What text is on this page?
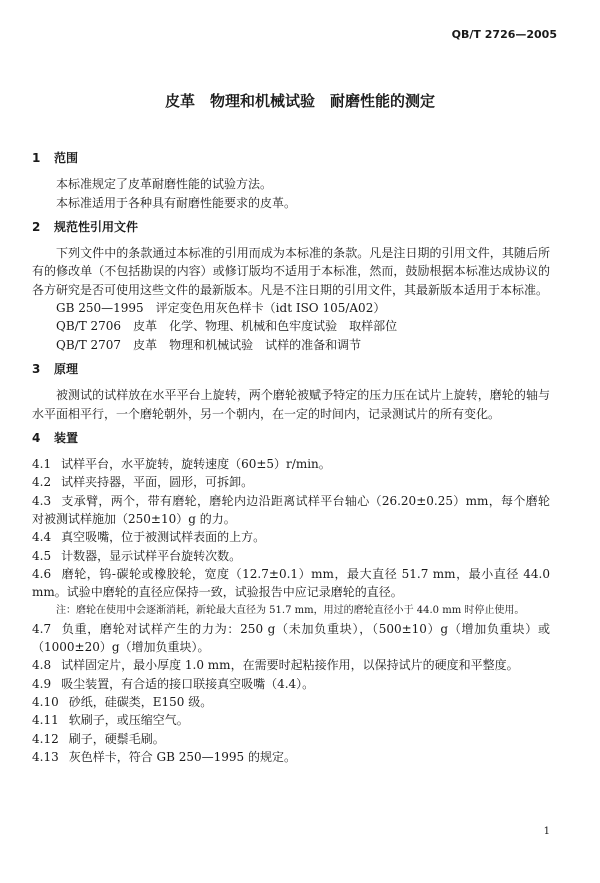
QB/T 2726—2005
皮革　物理和机械试验　耐磨性能的测定
1 范围

本标准规定了皮革耐磨性能的试验方法。

本标准适用于各种具有耐磨性能要求的皮革。

2 规范性引用文件

下列文件中的条款通过本标准的引用而成为本标准的条款。凡是注日期的引用文件，其随后所有的修改单（不包括勘误的内容）或修订版均不适用于本标准，然而，鼓励根据本标准达成协议的各方研究是否可使用这些文件的最新版本。凡是不注日期的引用文件，其最新版本适用于本标准。

GB 250—1995 评定变色用灰色样卡（idt ISO 105/A02）

QB/T 2706 皮革　化学、物理、机械和色牢度试验　取样部位

QB/T 2707 皮革　物理和机械试验　试样的准备和调节

3 原理

被测试的试样放在水平平台上旋转，两个磨轮被赋予特定的压力压在试片上旋转，磨轮的轴与水平面相平行，一个磨轮朝外，另一个朝内，在一定的时间内，记录测试片的所有变化。

4 装置

4.1 试样平台，水平旋转，旋转速度（60±5）r/min。

4.2 试样夹持器，平面，圆形，可拆卸。

4.3 支承臂，两个，带有磨轮，磨轮内边沿距离试样平台轴心（26.20±0.25）mm，每个磨轮对被测试样施加（250±10）g 的力。

4.4 真空吸嘴，位于被测试样表面的上方。

4.5 计数器，显示试样平台旋转次数。

4.6 磨轮，钨-碳轮或橡胶轮，宽度（12.7±0.1）mm，最大直径 51.7 mm，最小直径 44.0 mm。试验中磨轮的直径应保持一致，试验报告中应记录磨轮的直径。

注：磨轮在使用中会逐渐消耗，新轮最大直径为 51.7 mm，用过的磨轮直径小于 44.0 mm 时停止使用。

4.7 负重，磨轮对试样产生的力为：250 g（未加负重块），（500±10）g（增加负重块）或（1000±20）g（增加负重块）。

4.8 试样固定片，最小厚度 1.0 mm，在需要时起粘接作用，以保持试片的硬度和平整度。

4.9 吸尘装置，有合适的接口联接真空吸嘴（4.4）。

4.10 砂纸，硅碳类，E150 级。

4.11 软刷子，或压缩空气。

4.12 刷子，硬鬃毛刷。

4.13 灰色样卡，符合 GB 250—1995 的规定。

1
